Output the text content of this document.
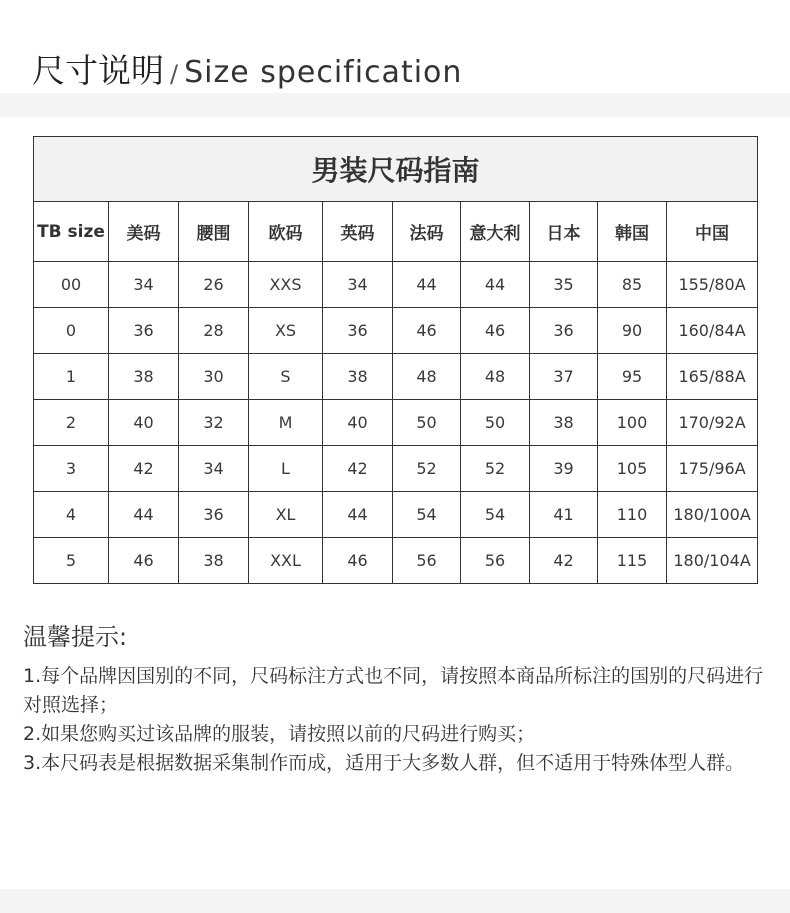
尺寸说明 / Size specification
男装尺码指南									
TB size	美码	腰围	欧码	英码	法码	意大利	日本	韩国	中国
00	34	26	XXS	34	44	44	35	85	155/80A
0	36	28	XS	36	46	46	36	90	160/84A
1	38	30	S	38	48	48	37	95	165/88A
2	40	32	M	40	50	50	38	100	170/92A
3	42	34	L	42	52	52	39	105	175/96A
4	44	36	XL	44	54	54	41	110	180/100A
5	46	38	XXL	46	56	56	42	115	180/104A
温馨提示:

1.每个品牌因国别的不同，尺码标注方式也不同，请按照本商品所标注的国别的尺码进行对照选择；

2.如果您购买过该品牌的服装，请按照以前的尺码进行购买；

3.本尺码表是根据数据采集制作而成，适用于大多数人群，但不适用于特殊体型人群。
